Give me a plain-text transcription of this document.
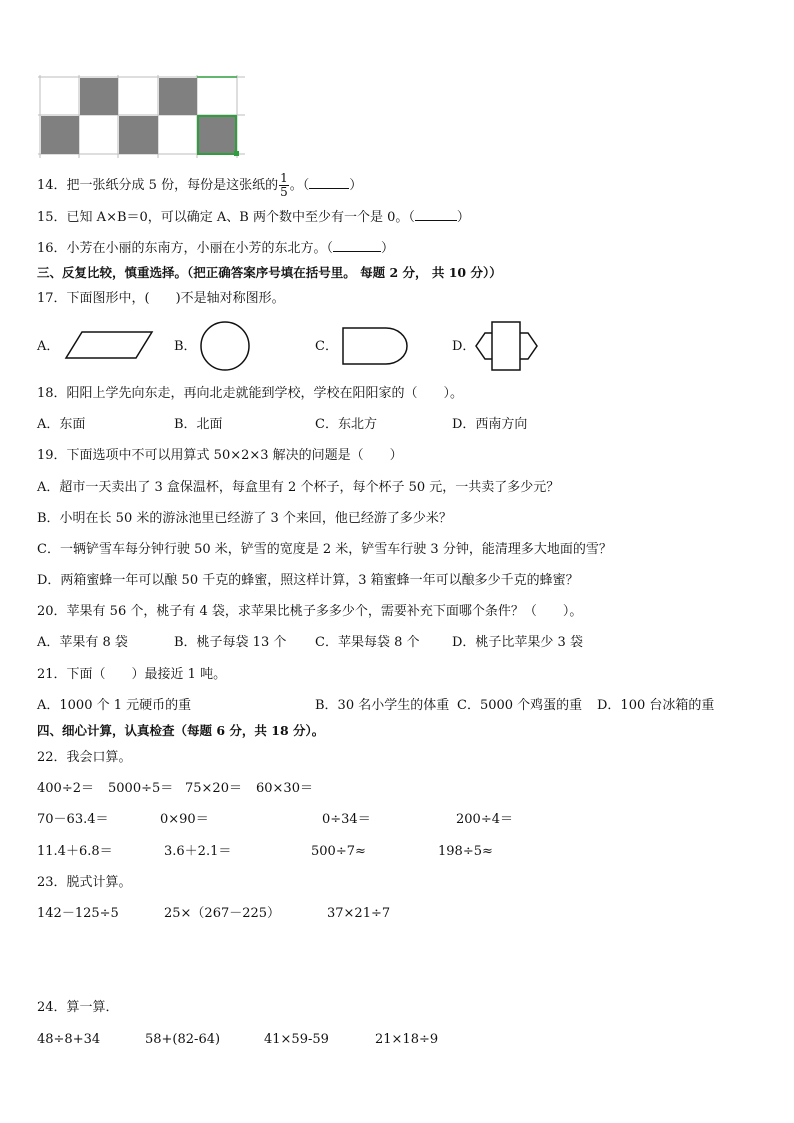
14．把一张纸分成 5 份，每份是这张纸的 $\frac{1}{5}$ 。（	）
15．已知 A×B＝0，可以确定 A、B 两个数中至少有一个是 0。（	）
16．小芳在小丽的东南方，小丽在小芳的东北方。（	）
三、反复比较，慎重选择。（把正确答案序号填在括号里。 每题 2 分， 共 10 分））
17．下面图形中，(　　)不是轴对称图形。
A．	B．	C．	D．
18．阳阳上学先向东走，再向北走就能到学校，学校在阳阳家的（　　）。
A．东面	B．北面	C．东北方	D．西南方向
19．下面选项中不可以用算式 50×2×3 解决的问题是（　　）
A．超市一天卖出了 3 盒保温杯，每盒里有 2 个杯子，每个杯子 50 元，一共卖了多少元？
B．小明在长 50 米的游泳池里已经游了 3 个来回，他已经游了多少米？
C．一辆铲雪车每分钟行驶 50 米，铲雪的宽度是 2 米，铲雪车行驶 3 分钟，能清理多大地面的雪？
D．两箱蜜蜂一年可以酿 50 千克的蜂蜜，照这样计算，3 箱蜜蜂一年可以酿多少千克的蜂蜜？
20．苹果有 56 个，桃子有 4 袋，求苹果比桃子多多少个，需要补充下面哪个条件？（　　）。
A．苹果有 8 袋	B．桃子每袋 13 个 C．苹果每袋 8 个	D．桃子比苹果少 3 袋
21．下面（　　）最接近 1 吨。
A．1000 个 1 元硬币的重	B．30 名小学生的体重 C．5000 个鸡蛋的重 D．100 台冰箱的重
四、细心计算，认真检查（每题 6 分，共 18 分）。
22．我会口算。
400÷2＝ 5000÷5＝ 75×20＝ 60×30＝
70－63.4＝	0×90＝	0÷34＝	200÷4＝
11.4＋6.8＝	3.6＋2.1＝	500÷7≈	198÷5≈
23．脱式计算。
142－125÷5	25×（267－225）	37×21÷7
24．算一算．
48÷8+34	58+(82-64)	41×59-59	21×18÷9
